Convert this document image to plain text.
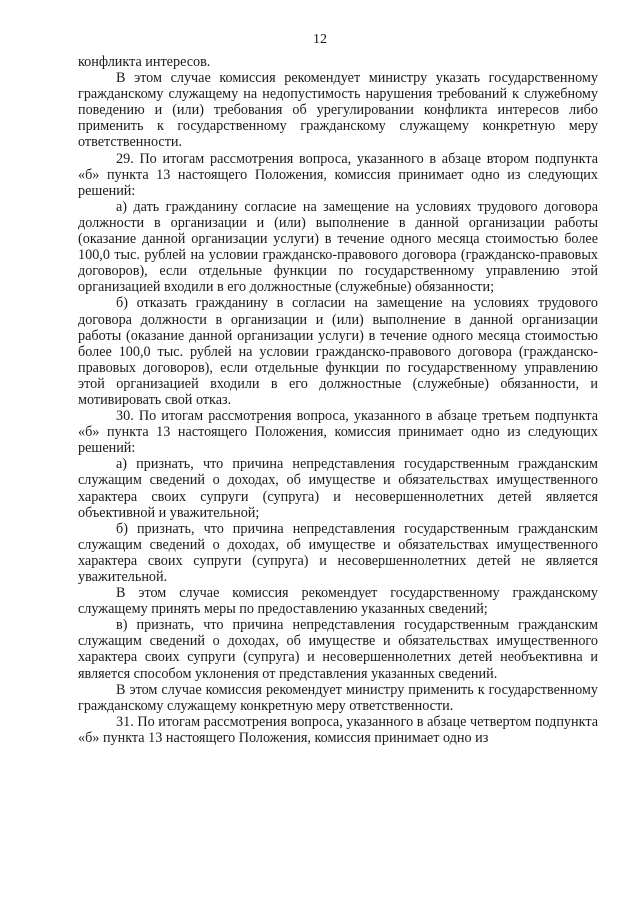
12

конфликта интересов.

В этом случае комиссия рекомендует министру указать государственному гражданскому служащему на недопустимость нарушения требований к служебному поведению и (или) требования об урегулировании конфликта интересов либо применить к государственному гражданскому служащему конкретную меру ответственности.

29. По итогам рассмотрения вопроса, указанного в абзаце втором подпункта «б» пункта 13 настоящего Положения, комиссия принимает одно из следующих решений:

а) дать гражданину согласие на замещение на условиях трудового договора должности в организации и (или) выполнение в данной организации работы (оказание данной организации услуги) в течение одного месяца стоимостью более 100,0 тыс. рублей на условии гражданско-правового договора (гражданско-правовых договоров), если отдельные функции по государственному управлению этой организацией входили в его должностные (служебные) обязанности;

б) отказать гражданину в согласии на замещение на условиях трудового договора должности в организации и (или) выполнение в данной организации работы (оказание данной организации услуги) в течение одного месяца стоимостью более 100,0 тыс. рублей на условии гражданско-правового договора (гражданско-правовых договоров), если отдельные функции по государственному управлению этой организацией входили в его должностные (служебные) обязанности, и мотивировать свой отказ.

30. По итогам рассмотрения вопроса, указанного в абзаце третьем подпункта «б» пункта 13 настоящего Положения, комиссия принимает одно из следующих решений:

а) признать, что причина непредставления государственным гражданским служащим сведений о доходах, об имуществе и обязательствах имущественного характера своих супруги (супруга) и несовершеннолетних детей является объективной и уважительной;

б) признать, что причина непредставления государственным гражданским служащим сведений о доходах, об имуществе и обязательствах имущественного характера своих супруги (супруга) и несовершеннолетних детей не является уважительной.

В этом случае комиссия рекомендует государственному гражданскому служащему принять меры по предоставлению указанных сведений;

в) признать, что причина непредставления государственным гражданским служащим сведений о доходах, об имуществе и обязательствах имущественного характера своих супруги (супруга) и несовершеннолетних детей необъективна и является способом уклонения от представления указанных сведений.

В этом случае комиссия рекомендует министру применить к государственному гражданскому служащему конкретную меру ответственности.

31. По итогам рассмотрения вопроса, указанного в абзаце четвертом подпункта «б» пункта 13 настоящего Положения, комиссия принимает одно из
